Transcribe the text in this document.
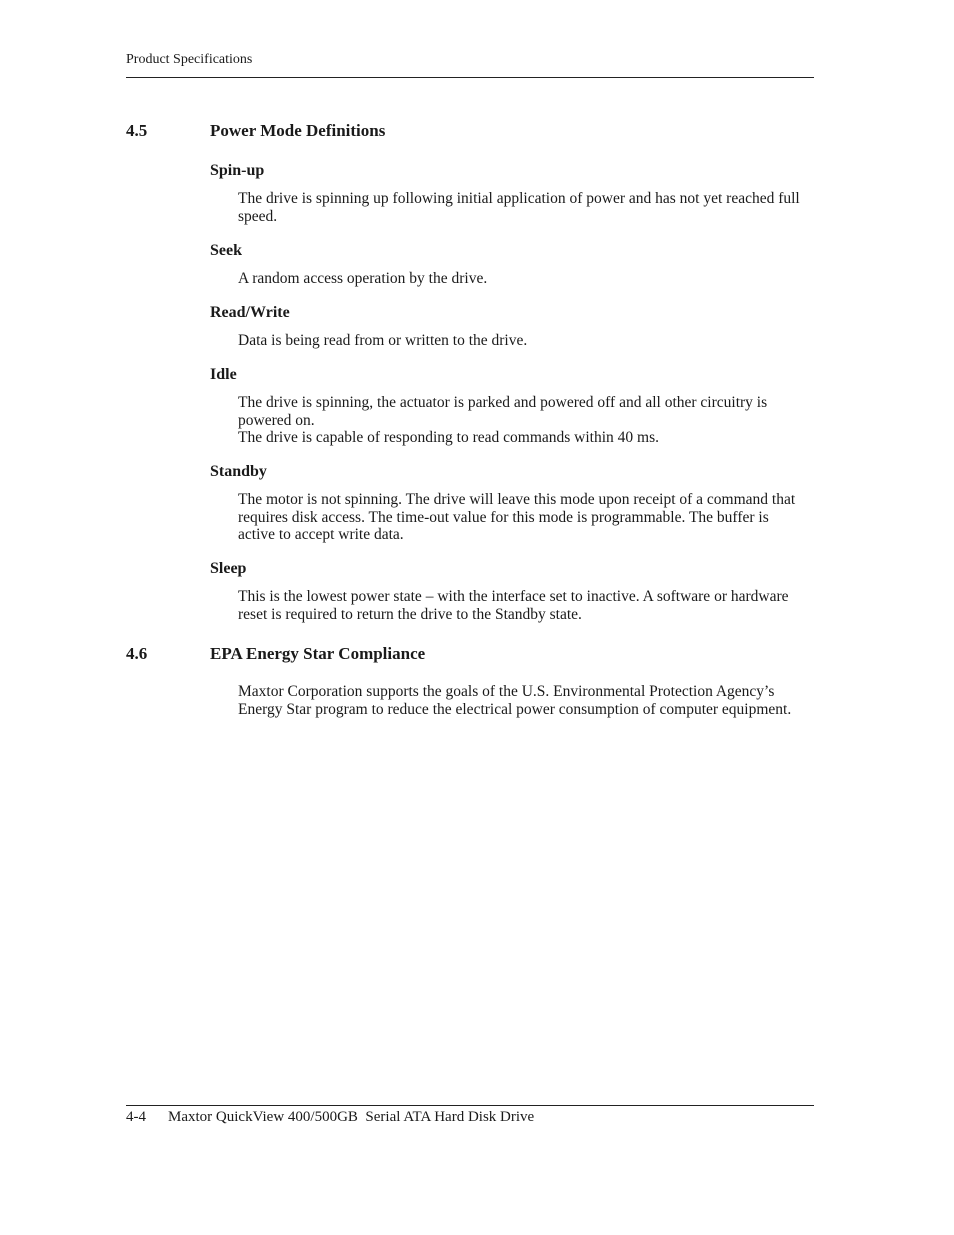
Product Specifications
4.5	Power Mode Definitions
Spin-up

The drive is spinning up following initial application of power and has not yet reached full speed.

Seek

A random access operation by the drive.

Read/Write

Data is being read from or written to the drive.

Idle

The drive is spinning, the actuator is parked and powered off and all other circuitry is powered on.

The drive is capable of responding to read commands within 40 ms.

Standby

The motor is not spinning. The drive will leave this mode upon receipt of a command that requires disk access. The time-out value for this mode is programmable. The buffer is active to accept write data.

Sleep

This is the lowest power state – with the interface set to inactive. A software or hardware reset is required to return the drive to the Standby state.

4.6	EPA Energy Star Compliance

Maxtor Corporation supports the goals of the U.S. Environmental Protection Agency’s Energy Star program to reduce the electrical power consumption of computer equipment.

4-4 Maxtor QuickView 400/500GB  Serial ATA Hard Disk Drive
